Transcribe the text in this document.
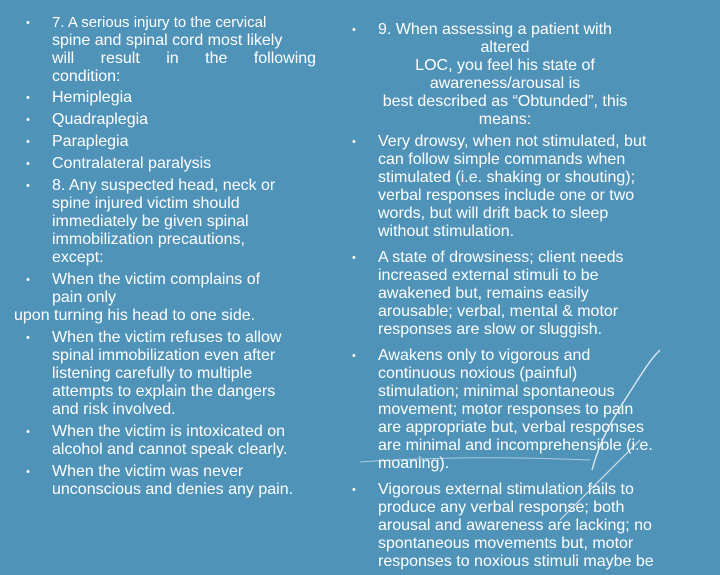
• 7. A serious injury to the cervical
spine and spinal cord most likely
will result in the following
condition:
• Hemiplegia
• Quadraplegia
• Paraplegia
• Contralateral paralysis
• 8. Any suspected head, neck or
spine injured victim should
immediately be given spinal
immobilization precautions,
except:
• When the victim complains of
pain only
upon turning his head to one side.
• When the victim refuses to allow
spinal immobilization even after
listening carefully to multiple
attempts to explain the dangers
and risk involved.
• When the victim is intoxicated on
alcohol and cannot speak clearly.
• When the victim was never
unconscious and denies any pain.
• 9. When assessing a patient with
altered
LOC, you feel his state of
awareness/arousal is
best described as “Obtunded”, this
means:
• Very drowsy, when not stimulated, but
can follow simple commands when
stimulated (i.e. shaking or shouting);
verbal responses include one or two
words, but will drift back to sleep
without stimulation.
• A state of drowsiness; client needs
increased external stimuli to be
awakened but, remains easily
arousable; verbal, mental & motor
responses are slow or sluggish.
• Awakens only to vigorous and
continuous noxious (painful)
stimulation; minimal spontaneous
movement; motor responses to pain
are appropriate but, verbal responses
are minimal and incomprehensible (i.e.
moaning).
• Vigorous external stimulation fails to
produce any verbal response; both
arousal and awareness are lacking; no
spontaneous movements but, motor
responses to noxious stimuli maybe be
